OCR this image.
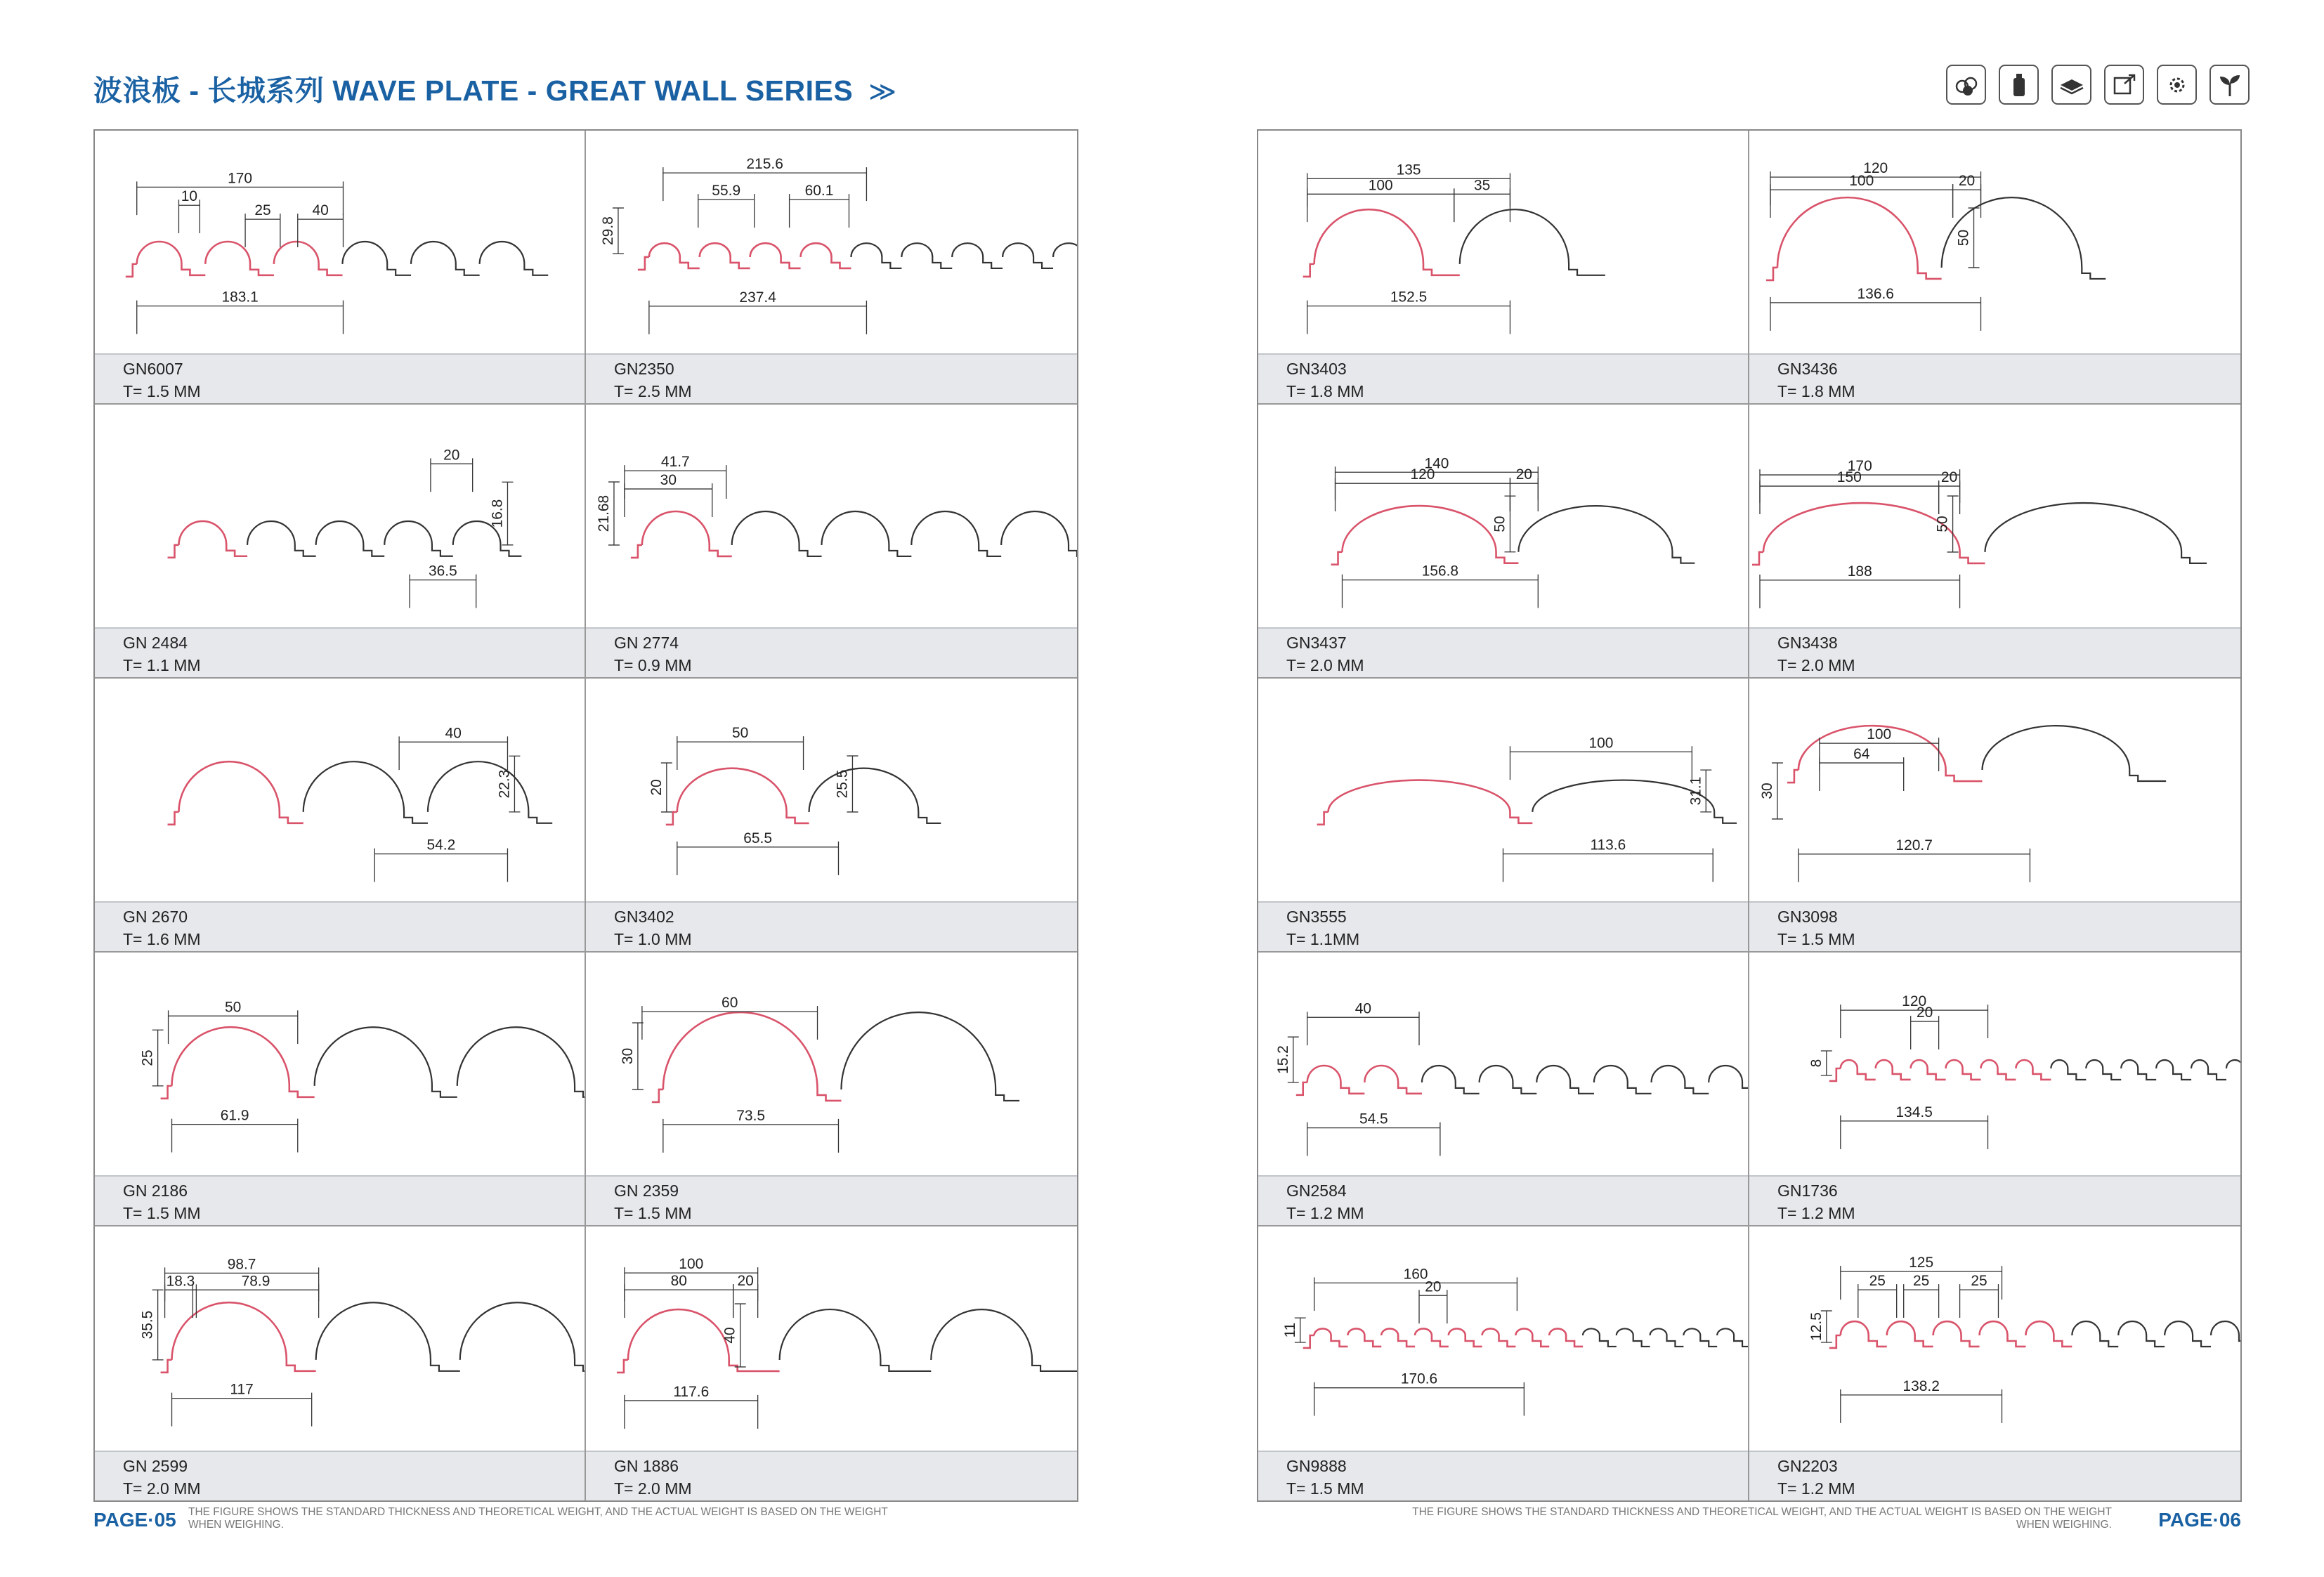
波浪板 - 长城系列 WAVE PLATE - GREAT WALL SERIES ≫
170
10
25	40
183.1
GN6007
T= 1.5 MM
215.6
55.9	60.1
237.4
29.8
GN2350
T= 2.5 MM
20
36.5
16.8
GN 2484
T= 1.1 MM
41.7
30
21.68
GN 2774
T= 0.9 MM
40
54.2
22.3
GN 2670
T= 1.6 MM
50
65.5
20	25.5
GN3402
T= 1.0 MM
50
61.9
25
GN 2186
T= 1.5 MM
60
73.5
30
GN 2359
T= 1.5 MM
98.7
18.3	78.9
117
35.5
GN 2599
T= 2.0 MM
100
80	20
117.6
40
GN 1886
T= 2.0 MM
135
100	35
152.5
GN3403
T= 1.8 MM
120
100	20
136.6
50
GN3436
T= 1.8 MM
140
120	20
156.8
50
GN3437
T= 2.0 MM
170
150	20
188
50
GN3438
T= 2.0 MM
100
113.6
31.1
GN3555
T= 1.1MM
100
64
120.7
30
GN3098
T= 1.5 MM
40
54.5
15.2
GN2584
T= 1.2 MM
120
20
134.5
8
GN1736
T= 1.2 MM
160
20
170.6
11
GN9888
T= 1.5 MM
125
25 25	25
138.2
12.5
GN2203
T= 1.2 MM
PAGE·05 THE FIGURE SHOWS THE STANDARD THICKNESS AND THEORETICAL WEIGHT, AND THE ACTUAL WEIGHT IS BASED ON THE WEIGHT WHEN WEIGHING.
THE FIGURE SHOWS THE STANDARD THICKNESS AND THEORETICAL WEIGHT, AND THE ACTUAL WEIGHT IS BASED ON THE WEIGHT WHEN WEIGHING. PAGE·06
